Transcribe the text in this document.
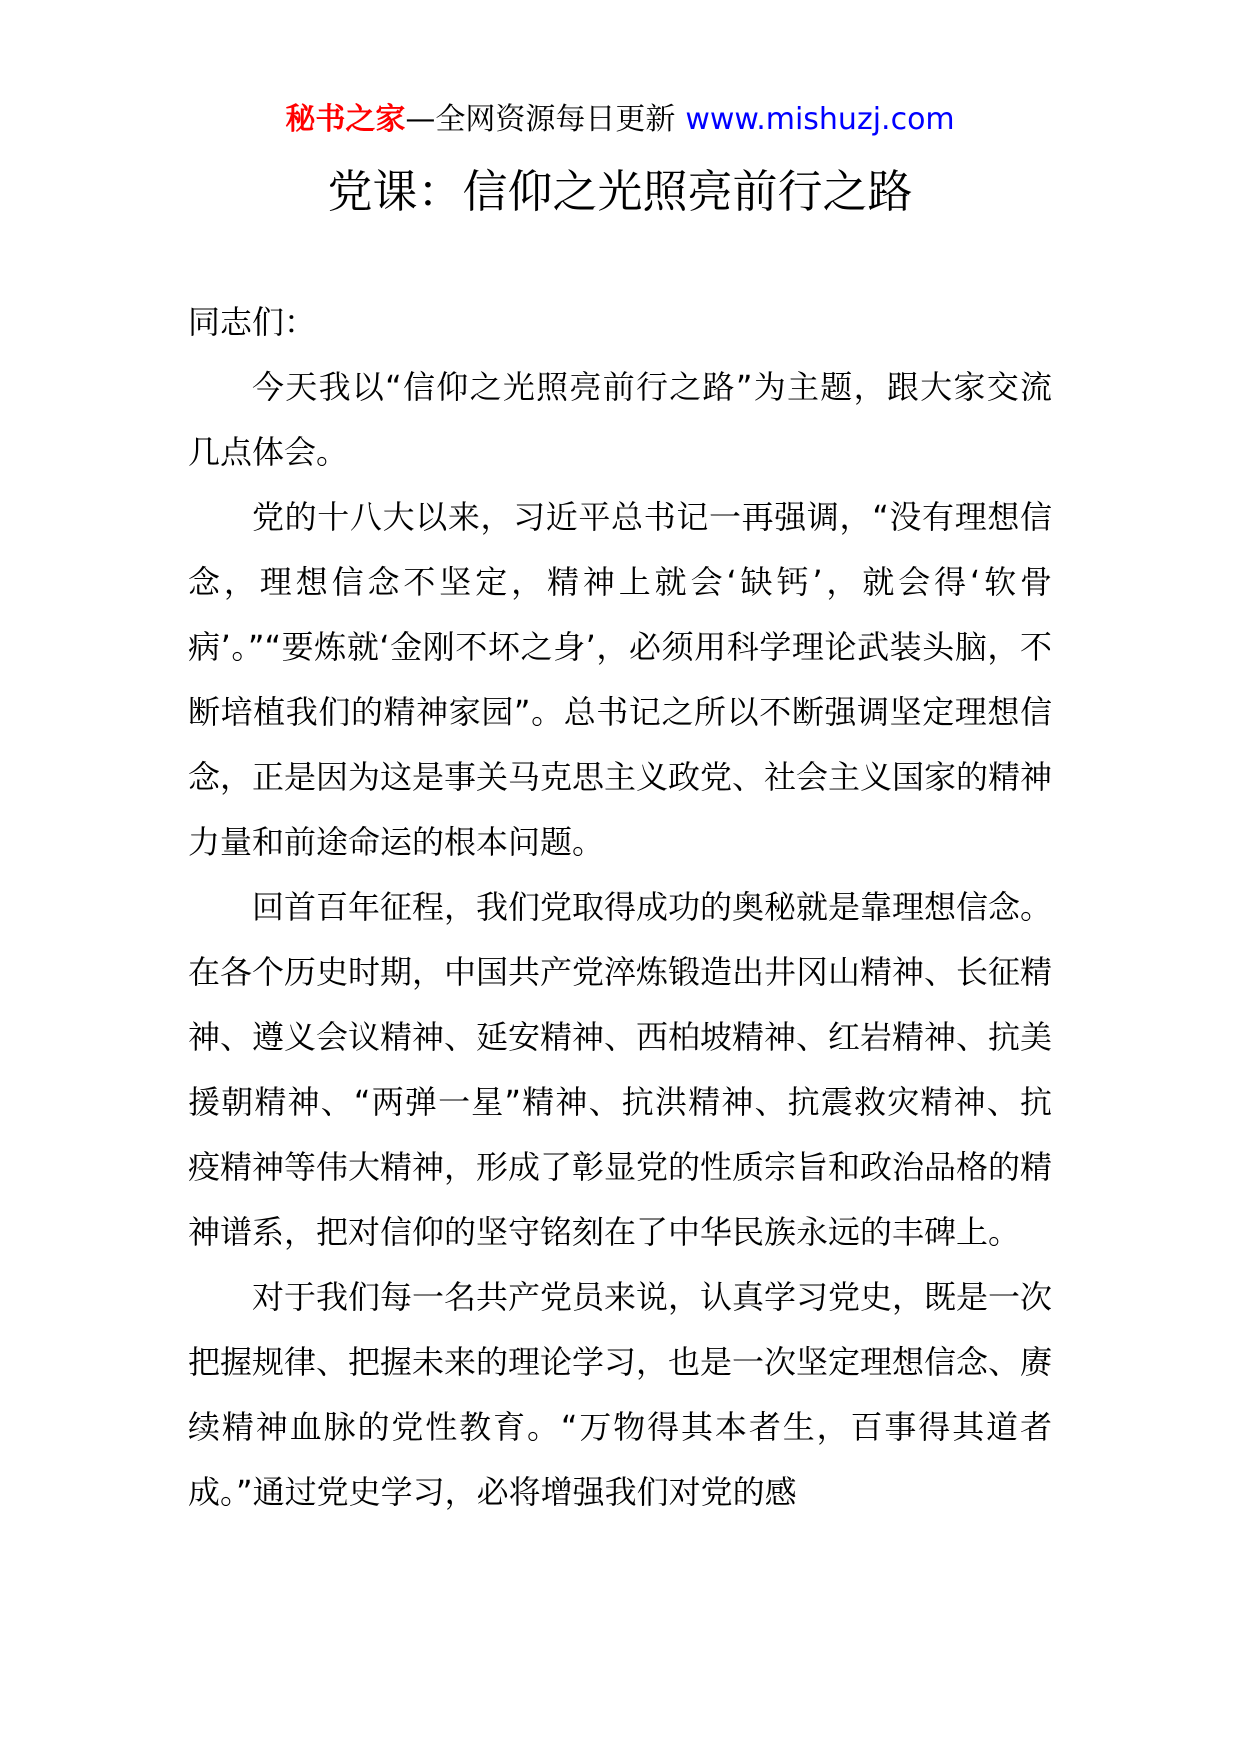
秘书之家—全网资源每日更新 www.mishuzj.com
党课：信仰之光照亮前行之路

同志们：

今天我以“信仰之光照亮前行之路”为主题，跟大家交流几点体会。

党的十八大以来，习近平总书记一再强调，“没有理想信念，理想信念不坚定，精神上就会‘缺钙’，就会得‘软骨病’。”“要炼就‘金刚不坏之身’，必须用科学理论武装头脑，不断培植我们的精神家园”。总书记之所以不断强调坚定理想信念，正是因为这是事关马克思主义政党、社会主义国家的精神力量和前途命运的根本问题。

回首百年征程，我们党取得成功的奥秘就是靠理想信念。在各个历史时期，中国共产党淬炼锻造出井冈山精神、长征精神、遵义会议精神、延安精神、西柏坡精神、红岩精神、抗美援朝精神、“两弹一星”精神、抗洪精神、抗震救灾精神、抗疫精神等伟大精神，形成了彰显党的性质宗旨和政治品格的精神谱系，把对信仰的坚守铭刻在了中华民族永远的丰碑上。

对于我们每一名共产党员来说，认真学习党史，既是一次把握规律、把握未来的理论学习，也是一次坚定理想信念、赓续精神血脉的党性教育。“万物得其本者生，百事得其道者成。”通过党史学习，必将增强我们对党的感
